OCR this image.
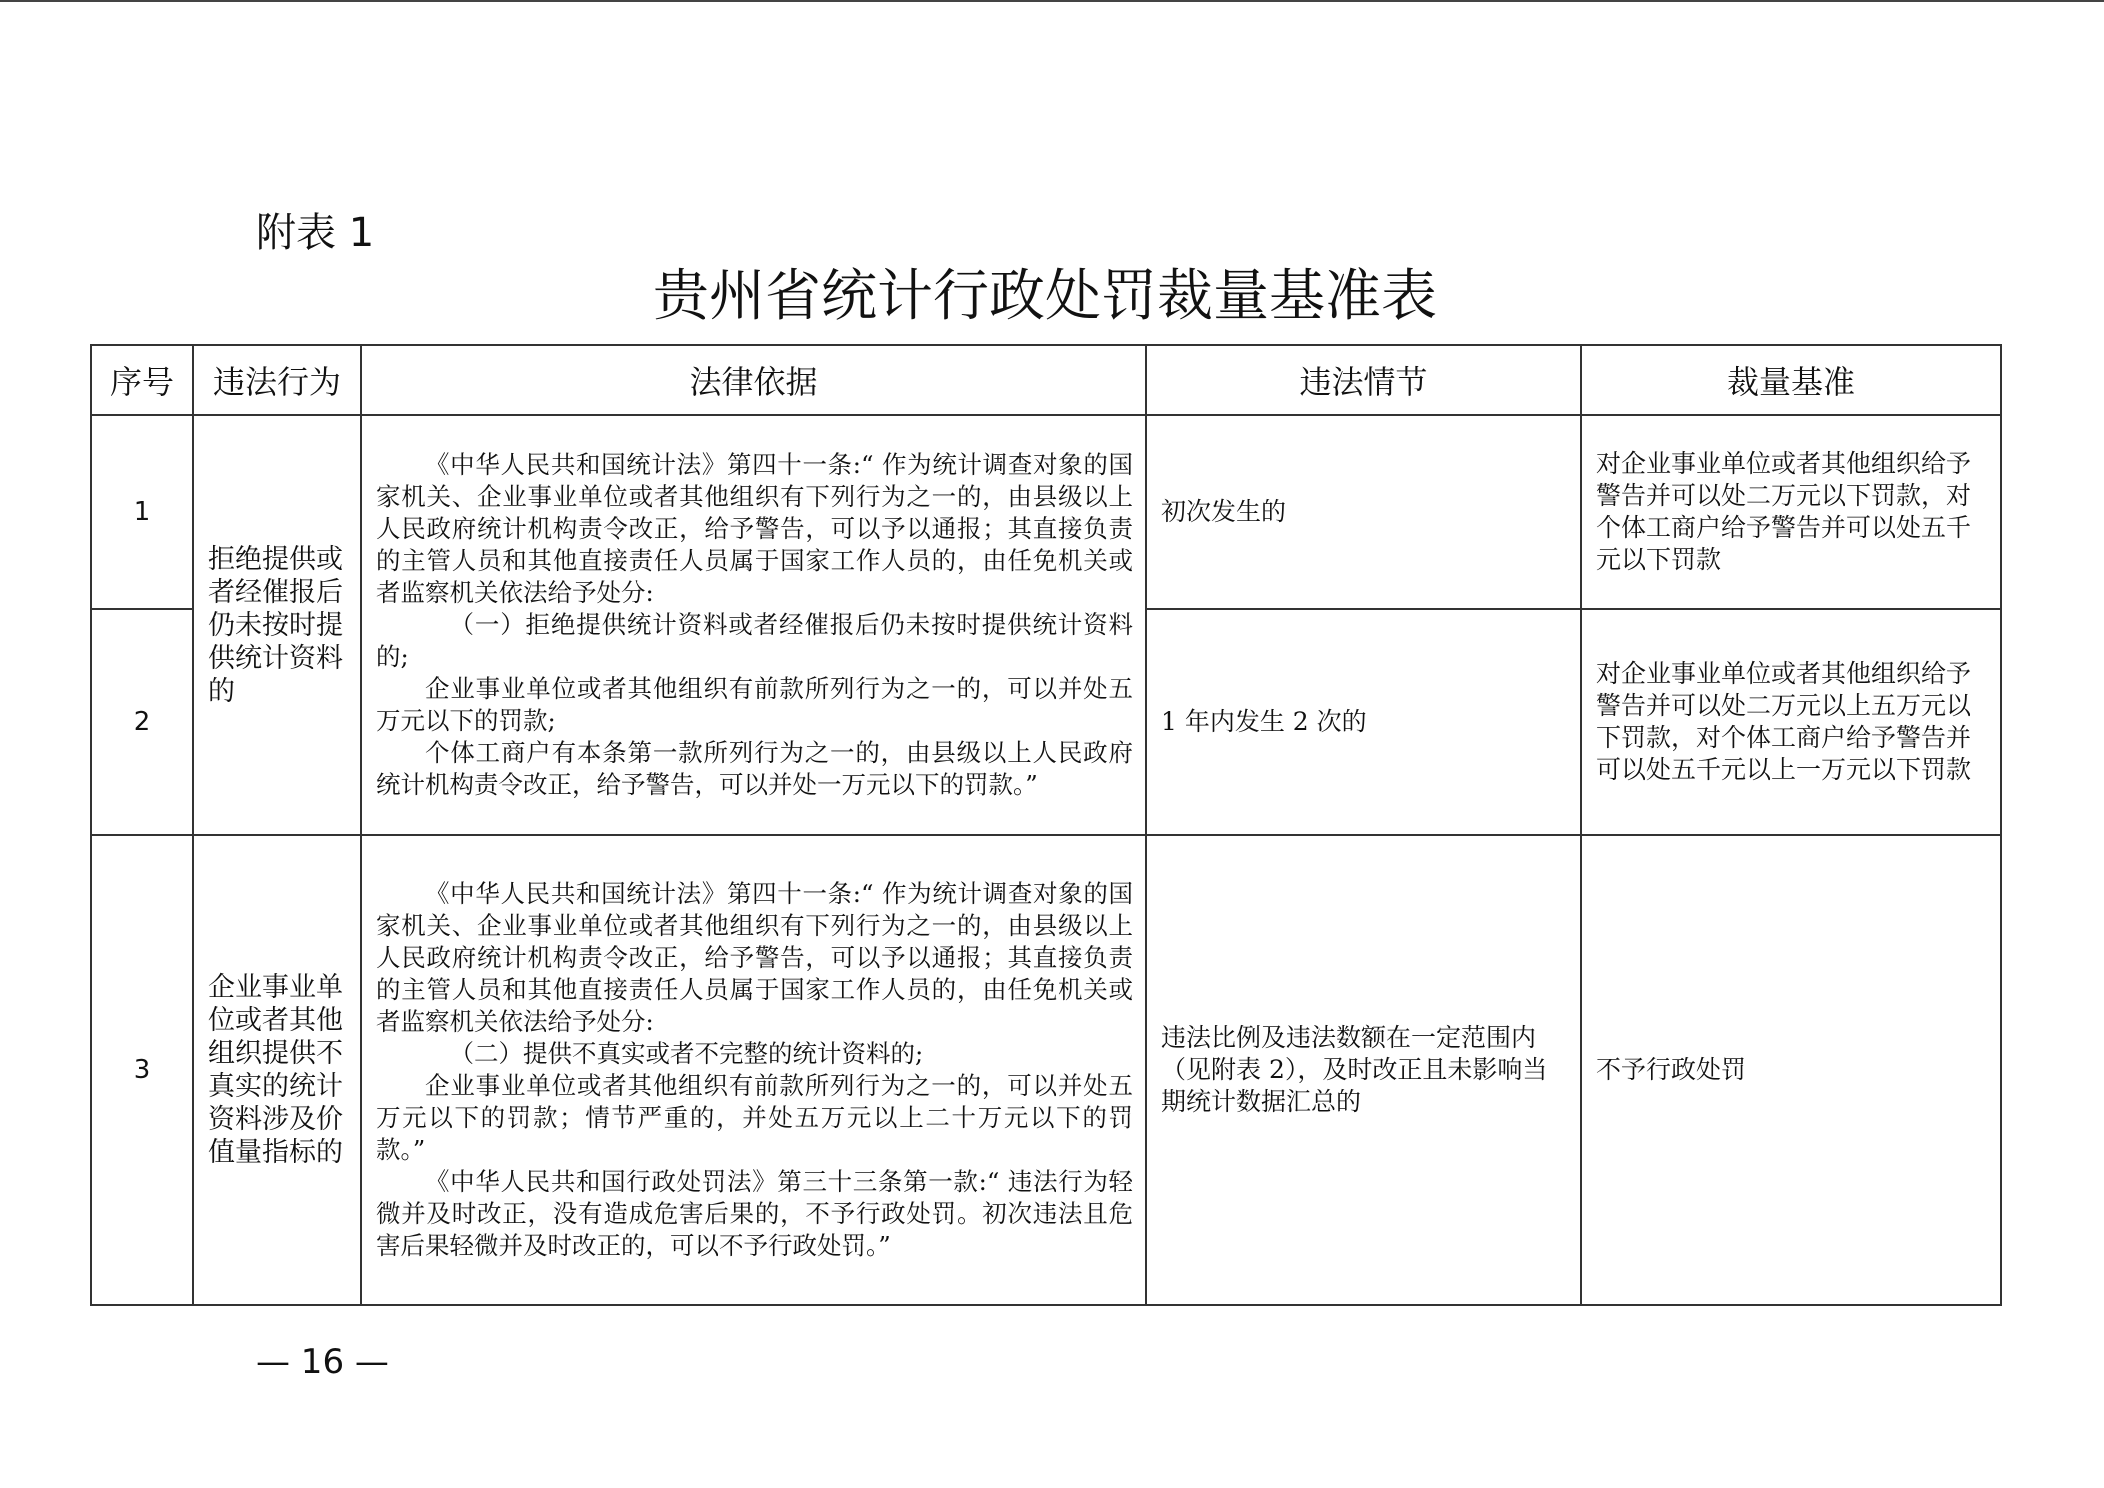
附表 1
贵州省统计行政处罚裁量基准表
序号	违法行为	法律依据	违法情节	裁量基准
1	拒绝提供或者经催报后仍未按时提供统计资料的	《中华人民共和国统计法》第四十一条:“ 作为统计调查对象的国家机关、企业事业单位或者其他组织有下列行为之一的，由县级以上人民政府统计机构责令改正，给予警告，可以予以通报；其直接负责的主管人员和其他直接责任人员属于国家工作人员的，由任免机关或者监察机关依法给予处分:

（一）拒绝提供统计资料或者经催报后仍未按时提供统计资料的;

企业事业单位或者其他组织有前款所列行为之一的，可以并处五万元以下的罚款;

个体工商户有本条第一款所列行为之一的，由县级以上人民政府统计机构责令改正，给予警告，可以并处一万元以下的罚款。”	初次发生的	对企业事业单位或者其他组织给予警告并可以处二万元以下罚款，对个体工商户给予警告并可以处五千元以下罚款
2			1 年内发生 2 次的	对企业事业单位或者其他组织给予警告并可以处二万元以上五万元以下罚款，对个体工商户给予警告并可以处五千元以上一万元以下罚款
3	企业事业单位或者其他组织提供不真实的统计资料涉及价值量指标的	《中华人民共和国统计法》第四十一条:“ 作为统计调查对象的国家机关、企业事业单位或者其他组织有下列行为之一的，由县级以上人民政府统计机构责令改正，给予警告，可以予以通报；其直接负责的主管人员和其他直接责任人员属于国家工作人员的，由任免机关或者监察机关依法给予处分:

（二）提供不真实或者不完整的统计资料的;

企业事业单位或者其他组织有前款所列行为之一的，可以并处五万元以下的罚款；情节严重的，并处五万元以上二十万元以下的罚款。”

《中华人民共和国行政处罚法》第三十三条第一款:“ 违法行为轻微并及时改正，没有造成危害后果的，不予行政处罚。初次违法且危害后果轻微并及时改正的，可以不予行政处罚。”	违法比例及违法数额在一定范围内（见附表 2），及时改正且未影响当期统计数据汇总的	不予行政处罚
— 16 —
